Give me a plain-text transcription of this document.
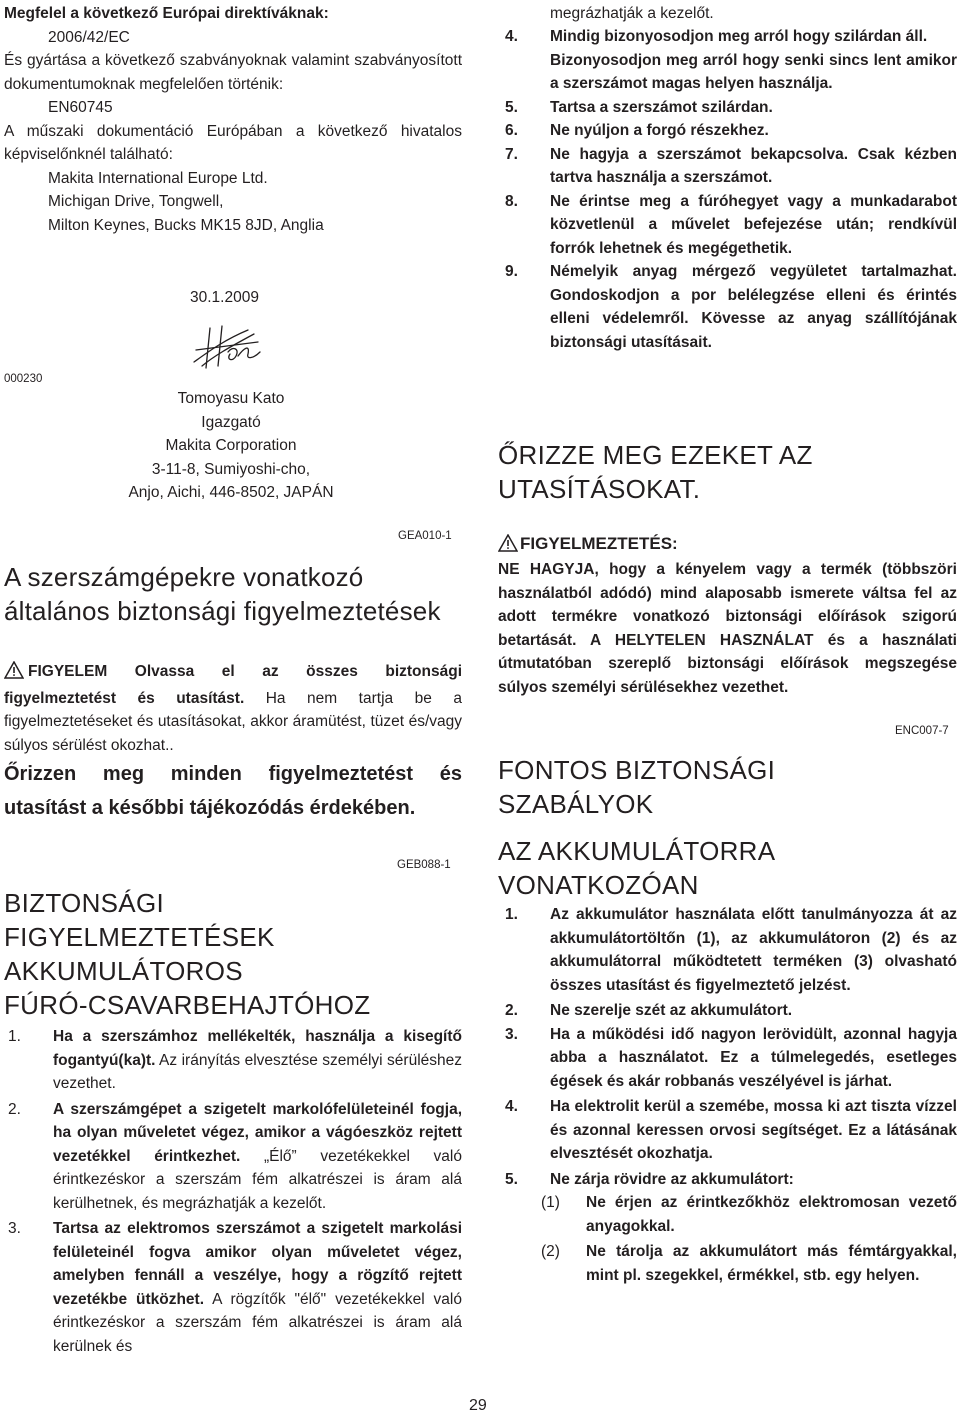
Megfelel a következő Európai direktíváknak:

2006/42/EC

És gyártása a következő szabványoknak valamint szabványosított dokumentumoknak megfelelően történik:

EN60745

A műszaki dokumentáció Európában a következő hivatalos képviselőnknél található:

Makita International Europe Ltd.

Michigan Drive, Tongwell,

Milton Keynes, Bucks MK15 8JD, Anglia

000230
30.1.2009

Tomoyasu Kato

Igazgató

Makita Corporation

3-11-8, Sumiyoshi-cho,

Anjo, Aichi, 446-8502, JAPÁN

GEA010-1
A szerszámgépekre vonatkozó általános biztonsági figyelmeztetések
FIGYELEM Olvassa el az összes biztonsági figyelmeztetést és utasítást. Ha nem tartja be a figyelmeztetéseket és utasításokat, akkor áramütést, tüzet és/vagy súlyos sérülést okozhat..
Őrizzen meg minden figyelmeztetést és utasítást a későbbi tájékozódás érdekében.
GEB088-1

BIZTONSÁGI

FIGYELMEZTETÉSEK

AKKUMULÁTOROS

FÚRÓ-CSAVARBEHAJTÓHOZ

1.	Ha a szerszámhoz mellékelték, használja a kisegítő fogantyú(ka)t. Az irányítás elvesztése személyi sérüléshez vezethet.
2.	A szerszámgépet a szigetelt markolófelületeinél fogja, ha olyan műveletet végez, amikor a vágóeszköz rejtett vezetékkel érintkezhet. „Élő” vezetékekkel való érintkezéskor a szerszám fém alkatrészei is áram alá kerülhetnek, és megrázhatják a kezelőt.
3.	Tartsa az elektromos szerszámot a szigetelt markolási felületeinél fogva amikor olyan műveletet végez, amelyben fennáll a veszélye, hogy a rögzítő rejtett vezetékbe ütközhet. A rögzítők "élő" vezetékekkel való érintkezéskor a szerszám fém alkatrészei is áram alá kerülnek és
megrázhatják a kezelőt.
4.	Mindig bizonyosodjon meg arról hogy szilárdan áll.
Bizonyosodjon meg arról hogy senki sincs lent amikor a szerszámot magas helyen használja.
5.	Tartsa a szerszámot szilárdan.
6.	Ne nyúljon a forgó részekhez.
7.	Ne hagyja a szerszámot bekapcsolva. Csak kézben tartva használja a szerszámot.
8.	Ne érintse meg a fúróhegyet vagy a munkadarabot közvetlenül a művelet befejezése után; rendkívül forrók lehetnek és megégethetik.
9.	Némelyik anyag mérgező vegyületet tartalmazhat. Gondoskodjon a por belélegzése elleni és érintés elleni védelemről. Kövesse az anyag szállítójának biztonsági utasításait.

ŐRIZZE MEG EZEKET AZ

UTASÍTÁSOKAT.

FIGYELMEZTETÉS:
NE HAGYJA, hogy a kényelem vagy a termék (többszöri használatból adódó) mind alaposabb ismerete váltsa fel az adott termékre vonatkozó biztonsági előírások szigorú betartását. A HELYTELEN HASZNÁLAT és a használati útmutatóban szereplő biztonsági előírások megszegése súlyos személyi sérülésekhez vezethet.
ENC007-7

FONTOS BIZTONSÁGI

SZABÁLYOK

AZ AKKUMULÁTORRA

VONATKOZÓAN

1.	Az akkumulátor használata előtt tanulmányozza át az akkumulátortöltőn (1), az akkumulátoron (2) és az akkumulátorral működtetett terméken (3) olvasható összes utasítást és figyelmeztető jelzést.
2.	Ne szerelje szét az akkumulátort.
3.	Ha a működési idő nagyon lerövidült, azonnal hagyja abba a használatot. Ez a túlmelegedés, esetleges égések és akár robbanás veszélyével is járhat.
4.	Ha elektrolit kerül a szemébe, mossa ki azt tiszta vízzel és azonnal keressen orvosi segítséget. Ez a látásának elvesztését okozhatja.
5.	Ne zárja rövidre az akkumulátort:
(1)	Ne érjen az érintkezőkhöz elektromosan vezető anyagokkal.
(2)	Ne tárolja az akkumulátort más fémtárgyakkal, mint pl. szegekkel, érmékkel, stb. egy helyen.
29
